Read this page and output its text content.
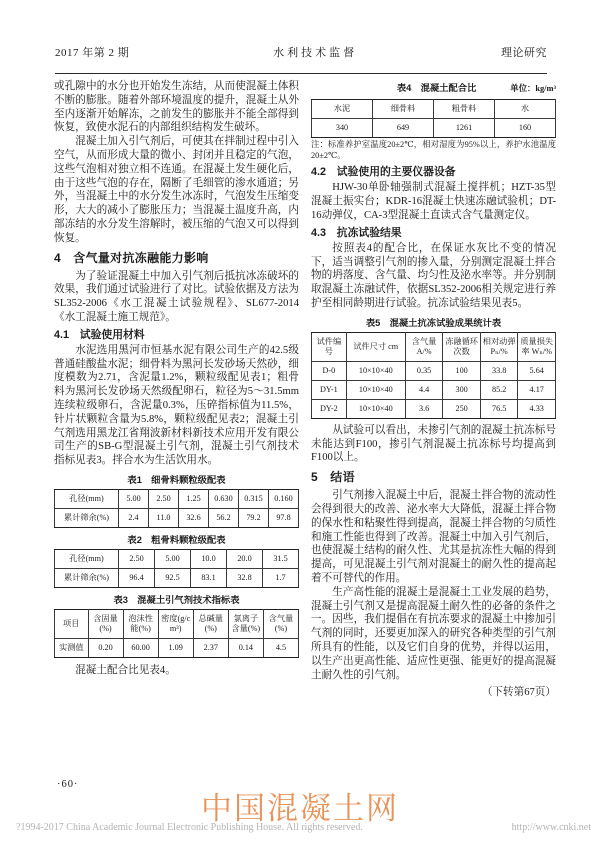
2017 年第 2 期	水利技术监督	理论研究

或孔隙中的水分也开始发生冻结，从而使混凝土体积不断的膨胀。随着外部环境温度的提升，混凝土从外至内逐渐开始解冻，之前发生的膨胀并不能全部得到恢复，致使水泥石的内部组织结构发生破坏。

混凝土加入引气剂后，可使其在拌制过程中引入空气，从而形成大量的微小、封闭并且稳定的气泡，这些气泡相对独立相不连通。在混凝土发生硬化后，由于这些气泡的存在，隔断了毛细管的渗水通道；另外，当混凝土中的水分发生冰冻时，气泡发生压缩变形，大大的减小了膨胀压力；当混凝土温度升高，内部冻结的水分发生溶解时，被压缩的气泡又可以得到恢复。

4　含气量对抗冻融能力影响

为了验证混凝土中加入引气剂后抵抗冰冻破坏的效果，我们通过试验进行了对比。试验依据及方法为SL352-2006《水工混凝土试验规程》、SL677-2014《水工混凝土施工规范》。

4.1　试验使用材料

水泥选用黑河市恒基水泥有限公司生产的42.5级普通硅酸盐水泥；细骨料为黑河长发砂场天然砂，细度模数为2.71，含泥量1.2%，颗粒级配见表1；粗骨料为黑河长发砂场天然级配卵石，粒径为5～31.5mm连续粒级卵石，含泥量0.3%，压碎指标值为11.5%，针片状颗粒含量为5.8%，颗粒级配见表2；混凝土引气剂选用黑龙江省翔波新材料新技术应用开发有限公司生产的SB-G型混凝土引气剂，混凝土引气剂技术指标见表3。拌合水为生活饮用水。

表1　细骨料颗粒级配表

孔径(mm)	5.00	2.50	1.25	0.630	0.315	0.160
累计筛余(%)	2.4	11.0	32.6	56.2	79.2	97.8

表2　粗骨料颗粒级配表

孔径(mm)	2.50	5.00	10.0	20.0	31.5
累计筛余(%)	96.4	92.5	83.1	32.8	1.7

表3　混凝土引气剂技术指标表

项目	含固量(%)	泡沫性能(%)	密度(g/cm³)	总碱量(%)	氯离子含量(%)	含气量(%)
实测值	0.20	60.00	1.09	2.37	0.14	4.5

混凝土配合比见表4。

表4　混凝土配合比	单位：kg/m³
水泥	细骨料	粗骨料	水
340	649	1261	160

注：标准养护室温度20±2℃，相对湿度为95%以上，养护水池温度20±2℃。

4.2　试验使用的主要仪器设备

HJW-30单卧轴强制式混凝土搅拌机；HZT-35型混凝土振实台；KDR-16混凝土快速冻融试验机；DT-16动弹仪，CA-3型混凝土直读式含气量测定仪。

4.3　抗冻试验结果

按照表4的配合比，在保证水灰比不变的情况下，适当调整引气剂的掺入量，分别测定混凝土拌合物的坍落度、含气量、均匀性及泌水率等。并分别制取混凝土冻融试件，依据SL352-2006相关规定进行养护至相同龄期进行试验。抗冻试验结果见表5。

表5　混凝土抗冻试验成果统计表

试件编号	试件尺寸 cm	含气量 A/%	冻融循环次数	相对动弹 Pₙ/%	质量损失率 Wₙ/%
D-0	10×10×40	0.35	100	33.8	5.64
DY-1	10×10×40	4.4	300	85.2	4.17
DY-2	10×10×40	3.6	250	76.5	4.33

从试验可以看出，未掺引气剂的混凝土抗冻标号未能达到F100，掺引气剂混凝土抗冻标号均提高到F100以上。

5　结语

引气剂掺入混凝土中后，混凝土拌合物的流动性会得到很大的改善、泌水率大大降低，混凝土拌合物的保水性和粘聚性得到提高，混凝土拌合物的匀质性和施工性能也得到了改善。混凝土中加入引气剂后，也使混凝土结构的耐久性、尤其是抗冻性大幅的得到提高，可见混凝土引气剂对混凝土的耐久性的提高起着不可替代的作用。

生产高性能的混凝土是混凝土工业发展的趋势，混凝土引气剂又是提高混凝土耐久性的必备的条件之一。因些，我们提倡在有抗冻要求的混凝土中掺加引气剂的同时，还要更加深入的研究各种类型的引气剂所具有的性能，以及它们自身的优势，并得以运用，以生产出更高性能、适应性更强、能更好的提高混凝土耐久性的引气剂。

（下转第67页）

·60·
中国混凝土网
?1994-2017 China Academic Journal Electronic Publishing House. All rights reserved.	http://www.cnki.net
